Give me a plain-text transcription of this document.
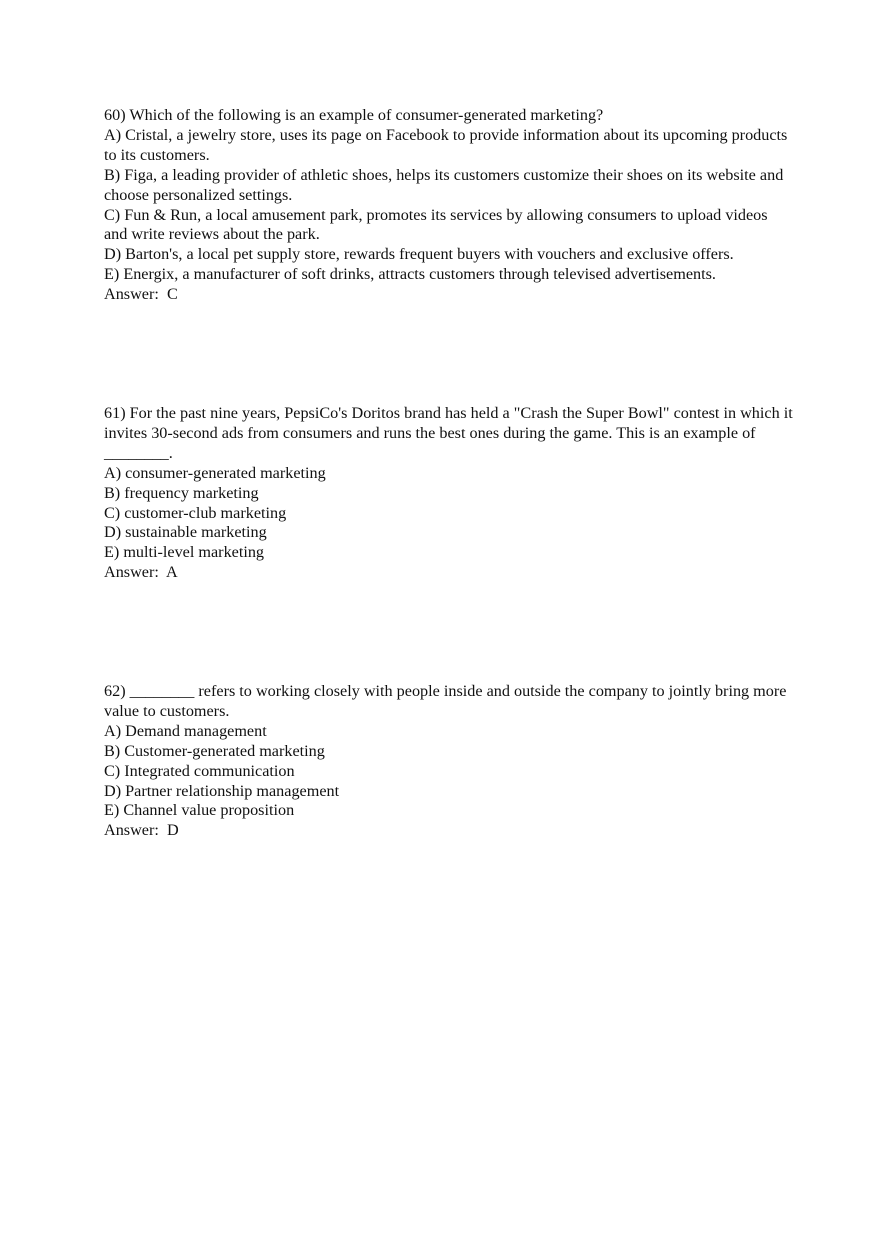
60) Which of the following is an example of consumer-generated marketing?
A) Cristal, a jewelry store, uses its page on Facebook to provide information about its upcoming products to its customers.
B) Figa, a leading provider of athletic shoes, helps its customers customize their shoes on its website and choose personalized settings.
C) Fun & Run, a local amusement park, promotes its services by allowing consumers to upload videos and write reviews about the park.
D) Barton's, a local pet supply store, rewards frequent buyers with vouchers and exclusive offers.
E) Energix, a manufacturer of soft drinks, attracts customers through televised advertisements.
Answer:  C
61) For the past nine years, PepsiCo's Doritos brand has held a "Crash the Super Bowl" contest in which it invites 30-second ads from consumers and runs the best ones during the game. This is an example of ________.
A) consumer-generated marketing
B) frequency marketing
C) customer-club marketing
D) sustainable marketing
E) multi-level marketing
Answer:  A
62) ________ refers to working closely with people inside and outside the company to jointly bring more value to customers.
A) Demand management
B) Customer-generated marketing
C) Integrated communication
D) Partner relationship management
E) Channel value proposition
Answer:  D
